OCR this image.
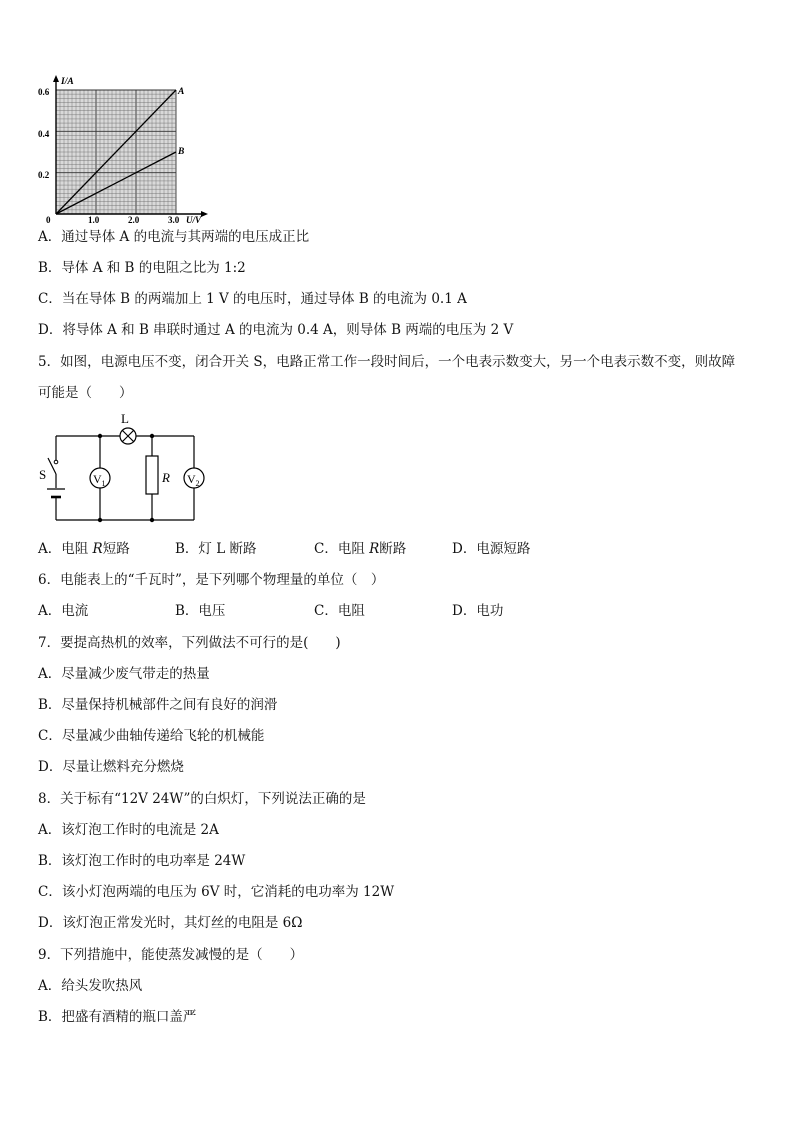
I/A
0.6
0.4
0.2
0	1.0	2.0	3.0 U/V
A
B
A．通过导体 A 的电流与其两端的电压成正比
B．导体 A 和 B 的电阻之比为 1:2
C．当在导体 B 的两端加上 1 V 的电压时，通过导体 B 的电流为 0.1 A
D．将导体 A 和 B 串联时通过 A 的电流为 0.4 A，则导体 B 两端的电压为 2 V
5．如图，电源电压不变，闭合开关 S，电路正常工作一段时间后，一个电表示数变大，另一个电表示数不变，则故障
可能是（　　）
L
S	R
V 1	V 2
A．电阻 R短路	B．灯 L 断路	C．电阻 R断路	D．电源短路
6．电能表上的“千瓦时”，是下列哪个物理量的单位（　）
A．电流	B．电压	C．电阻	D．电功
7．要提高热机的效率，下列做法不可行的是(　　)
A．尽量减少废气带走的热量
B．尽量保持机械部件之间有良好的润滑
C．尽量减少曲轴传递给飞轮的机械能
D．尽量让燃料充分燃烧
8．关于标有“12V 24W”的白炽灯，下列说法正确的是
A．该灯泡工作时的电流是 2A
B．该灯泡工作时的电功率是 24W
C．该小灯泡两端的电压为 6V 时，它消耗的电功率为 12W
D．该灯泡正常发光时，其灯丝的电阻是 6Ω
9．下列措施中，能使蒸发减慢的是（　　）
A．给头发吹热风
B．把盛有酒精的瓶口盖严
